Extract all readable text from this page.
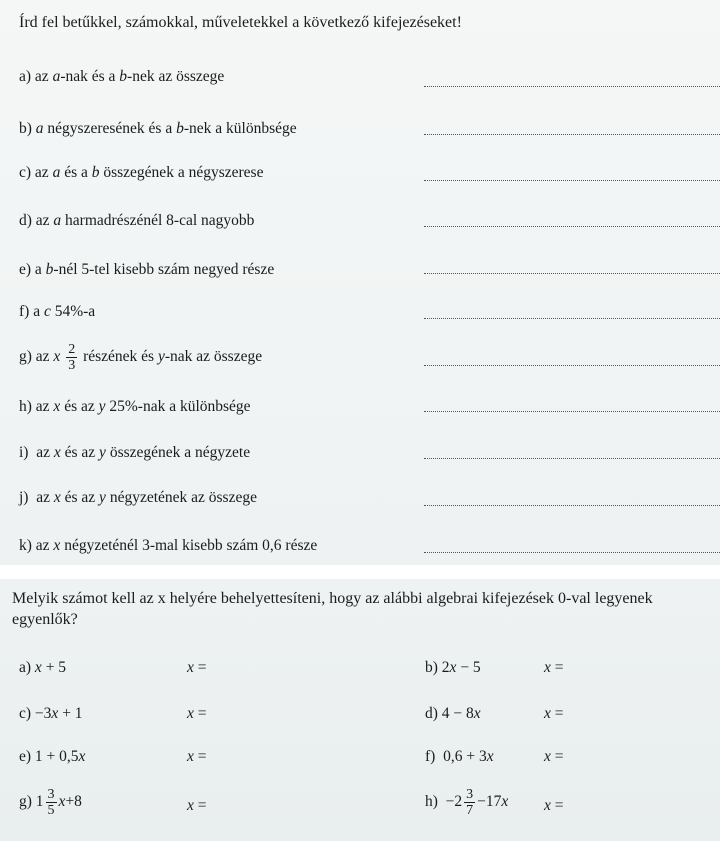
Írd fel betűkkel, számokkal, műveletekkel a következő kifejezéseket!
a) az a-nak és a b-nek az összege
b) a négyszeresének és a b-nek a különbsége
c) az a és a b összegének a négyszerese
d) az a harmadrészénél 8-cal nagyobb
e) a b-nél 5-tel kisebb szám negyed része
f) a c 54%-a
g) az x $\frac{2}{3}$ részének és y-nak az összege
h) az x és az y 25%-nak a különbsége
i)  az x és az y összegének a négyzete
j)  az x és az y négyzetének az összege
k) az x négyzeténél 3-mal kisebb szám 0,6 része
Melyik számot kell az x helyére behelyettesíteni, hogy az alábbi algebrai kifejezések 0-val legyenek egyenlők?
a) x + 5	x =	b) 2x − 5	x =
c) −3x + 1	x =	d) 4 − 8x	x =
e) 1 + 0,5x	x =	f)  0,6 + 3x	x =
g) $1 \frac{3}{5} x+8$	x =	$h) -2 \frac{3}{7} -17x$ x =
